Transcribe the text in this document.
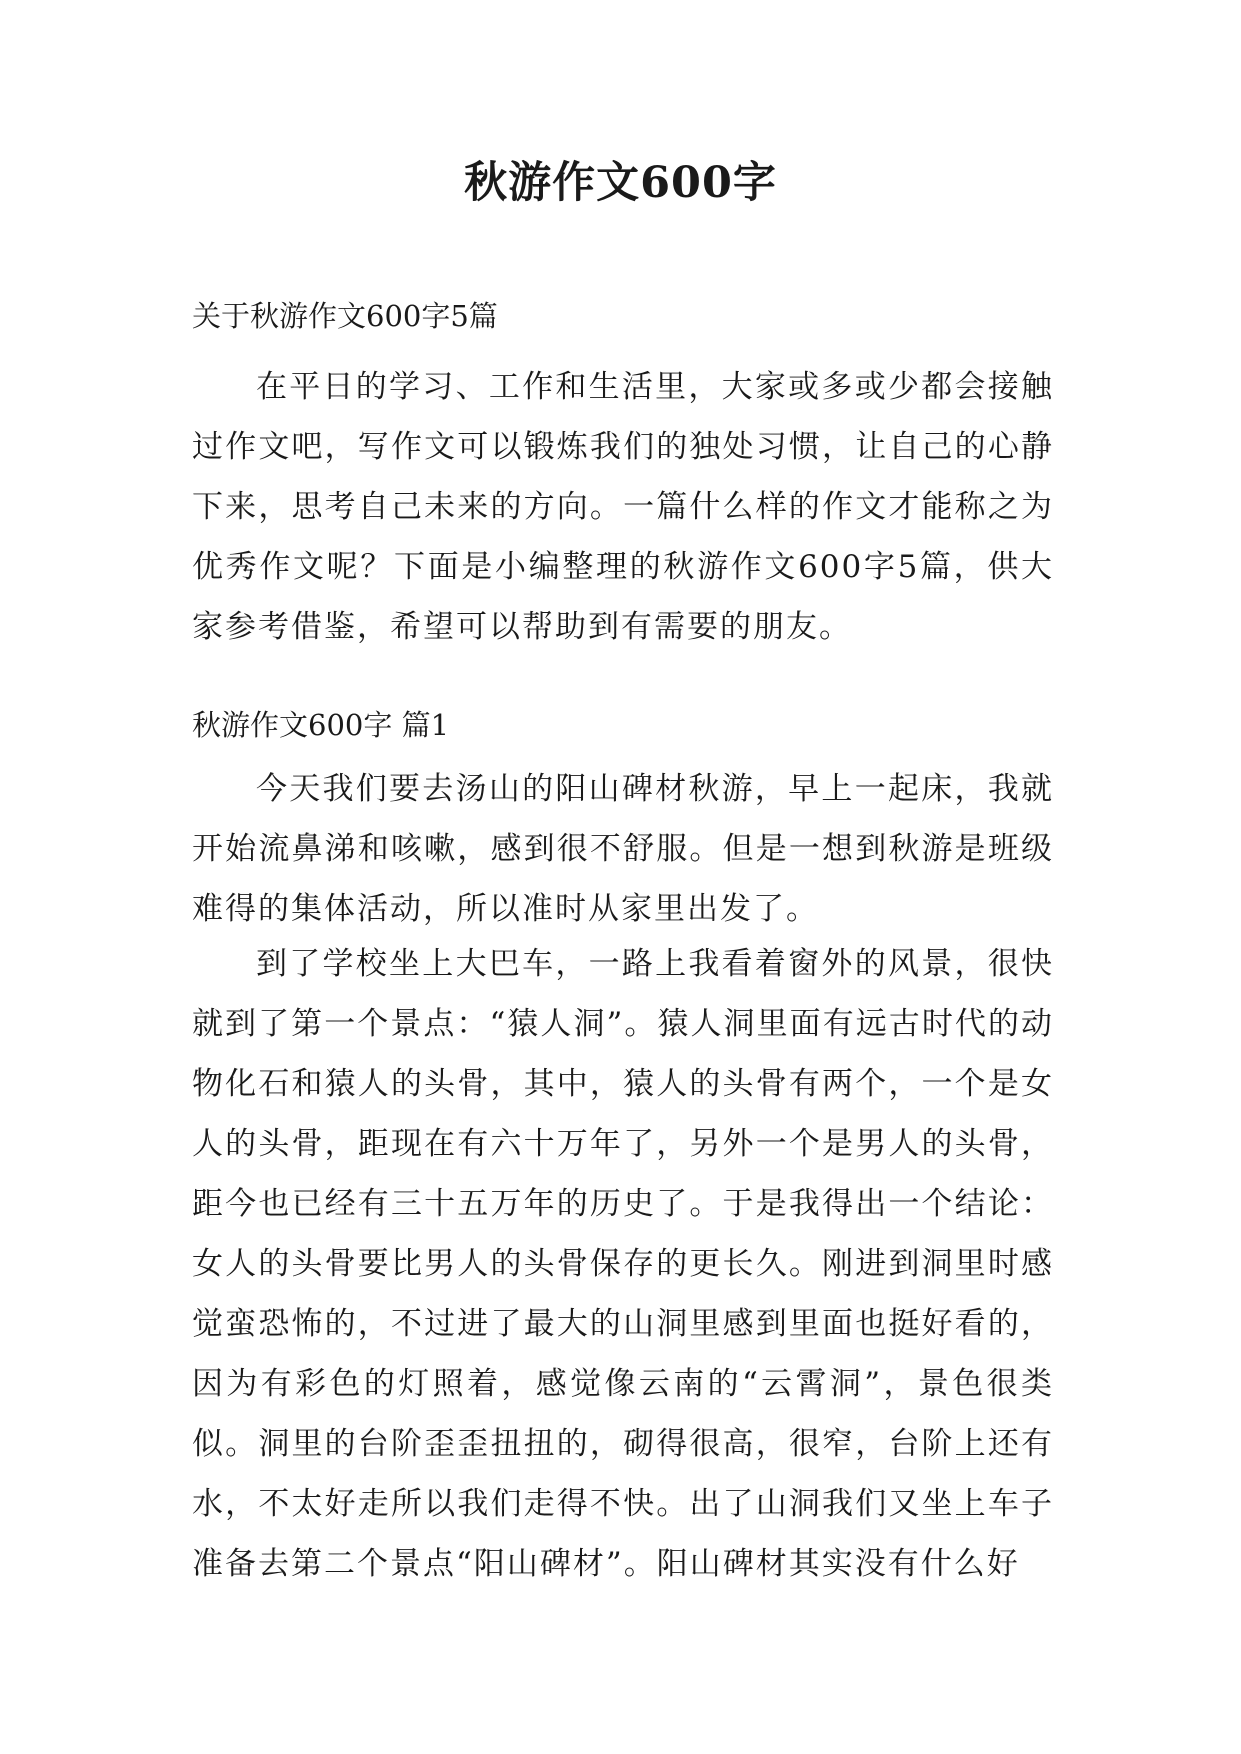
秋游作文600字

关于秋游作文600字5篇

在平日的学习、工作和生活里，大家或多或少都会接触过作文吧，写作文可以锻炼我们的独处习惯，让自己的心静下来，思考自己未来的方向。一篇什么样的作文才能称之为优秀作文呢？下面是小编整理的秋游作文600字5篇，供大家参考借鉴，希望可以帮助到有需要的朋友。

秋游作文600字 篇1

今天我们要去汤山的阳山碑材秋游，早上一起床，我就开始流鼻涕和咳嗽，感到很不舒服。但是一想到秋游是班级难得的集体活动，所以准时从家里出发了。

到了学校坐上大巴车，一路上我看着窗外的风景，很快就到了第一个景点：“猿人洞”。猿人洞里面有远古时代的动物化石和猿人的头骨，其中，猿人的头骨有两个，一个是女人的头骨，距现在有六十万年了，另外一个是男人的头骨，距今也已经有三十五万年的历史了。于是我得出一个结论：女人的头骨要比男人的头骨保存的更长久。刚进到洞里时感觉蛮恐怖的，不过进了最大的山洞里感到里面也挺好看的，因为有彩色的灯照着，感觉像云南的“云霄洞”，景色很类似。洞里的台阶歪歪扭扭的，砌得很高，很窄，台阶上还有水，不太好走所以我们走得不快。出了山洞我们又坐上车子准备去第二个景点“阳山碑材”。阳山碑材其实没有什么好
